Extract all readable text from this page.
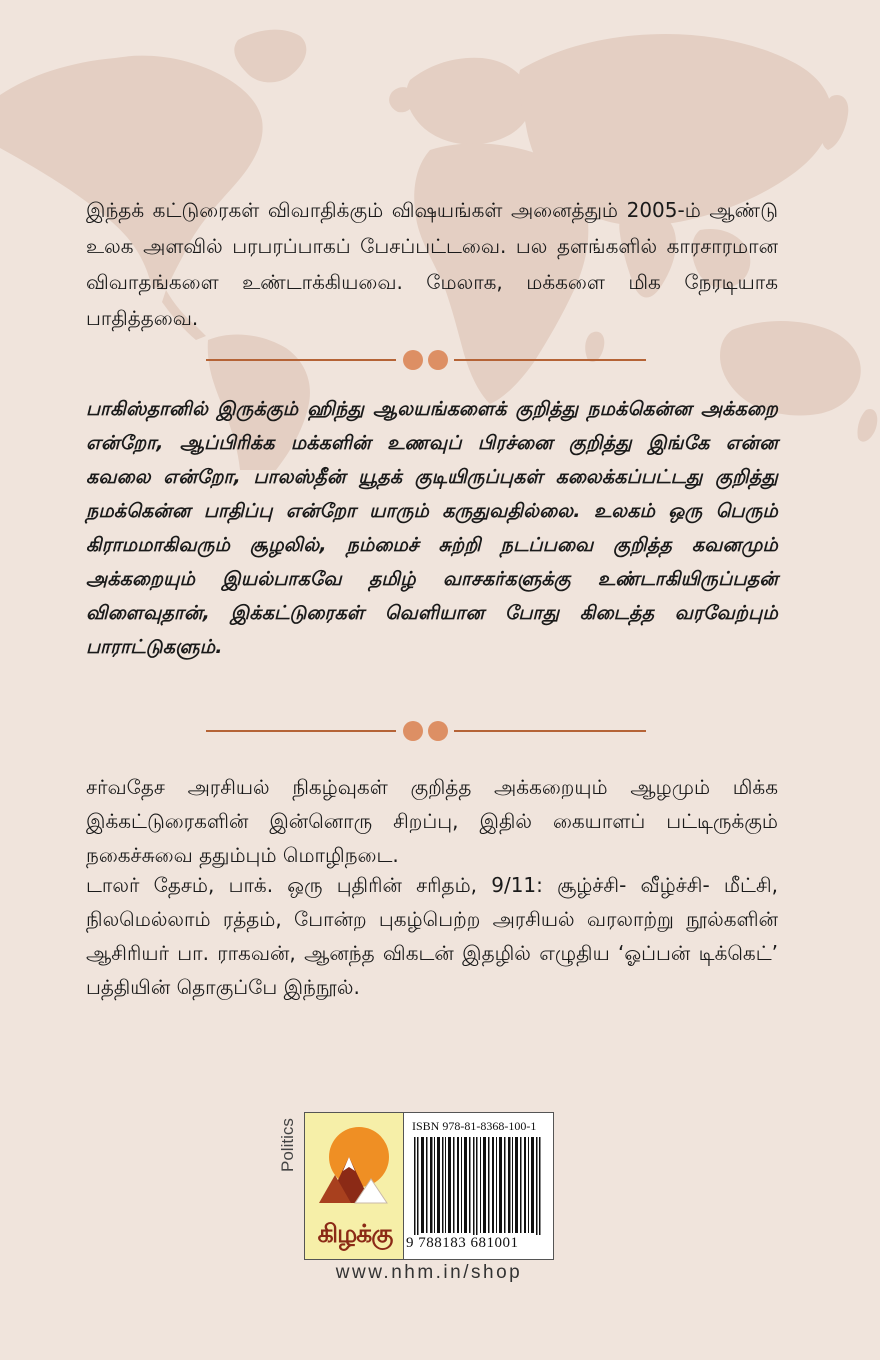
இந்தக் கட்டுரைகள் விவாதிக்கும் விஷயங்கள் அனைத்தும் 2005-ம் ஆண்டு உலக அளவில் பரபரப்பாகப் பேசப்பட்டவை. பல தளங்களில் காரசாரமான விவாதங்களை உண்டாக்கியவை. மேலாக, மக்களை மிக நேரடியாக பாதித்தவை.

பாகிஸ்தானில் இருக்கும் ஹிந்து ஆலயங்களைக் குறித்து நமக்கென்ன அக்கறை என்றோ, ஆப்பிரிக்க மக்களின் உணவுப் பிரச்னை குறித்து இங்கே என்ன கவலை என்றோ, பாலஸ்தீன் யூதக் குடியிருப்புகள் கலைக்கப்பட்டது குறித்து நமக்கென்ன பாதிப்பு என்றோ யாரும் கருதுவதில்லை. உலகம் ஒரு பெரும் கிராமமாகிவரும் சூழலில், நம்மைச் சுற்றி நடப்பவை குறித்த கவனமும் அக்கறையும் இயல்பாகவே தமிழ் வாசகர்களுக்கு உண்டாகியிருப்பதன் விளைவுதான், இக்கட்டுரைகள் வெளியான போது கிடைத்த வரவேற்பும் பாராட்டுகளும்.

சர்வதேச அரசியல் நிகழ்வுகள் குறித்த அக்கறையும் ஆழமும் மிக்க இக்கட்டுரைகளின் இன்னொரு சிறப்பு, இதில் கையாளப் பட்டிருக்கும் நகைச்சுவை ததும்பும் மொழிநடை.

டாலர் தேசம், பாக். ஒரு புதிரின் சரிதம், 9/11: சூழ்ச்சி- வீழ்ச்சி- மீட்சி, நிலமெல்லாம் ரத்தம், போன்ற புகழ்பெற்ற அரசியல் வரலாற்று நூல்களின் ஆசிரியர் பா. ராகவன், ஆனந்த விகடன் இதழில் எழுதிய ‘ஓப்பன் டிக்கெட்’ பத்தியின் தொகுப்பே இந்நூல்.

Politics
கிழக்கு
ISBN 978-81-8368-100-1
9 788183 681001
www.nhm.in/shop
